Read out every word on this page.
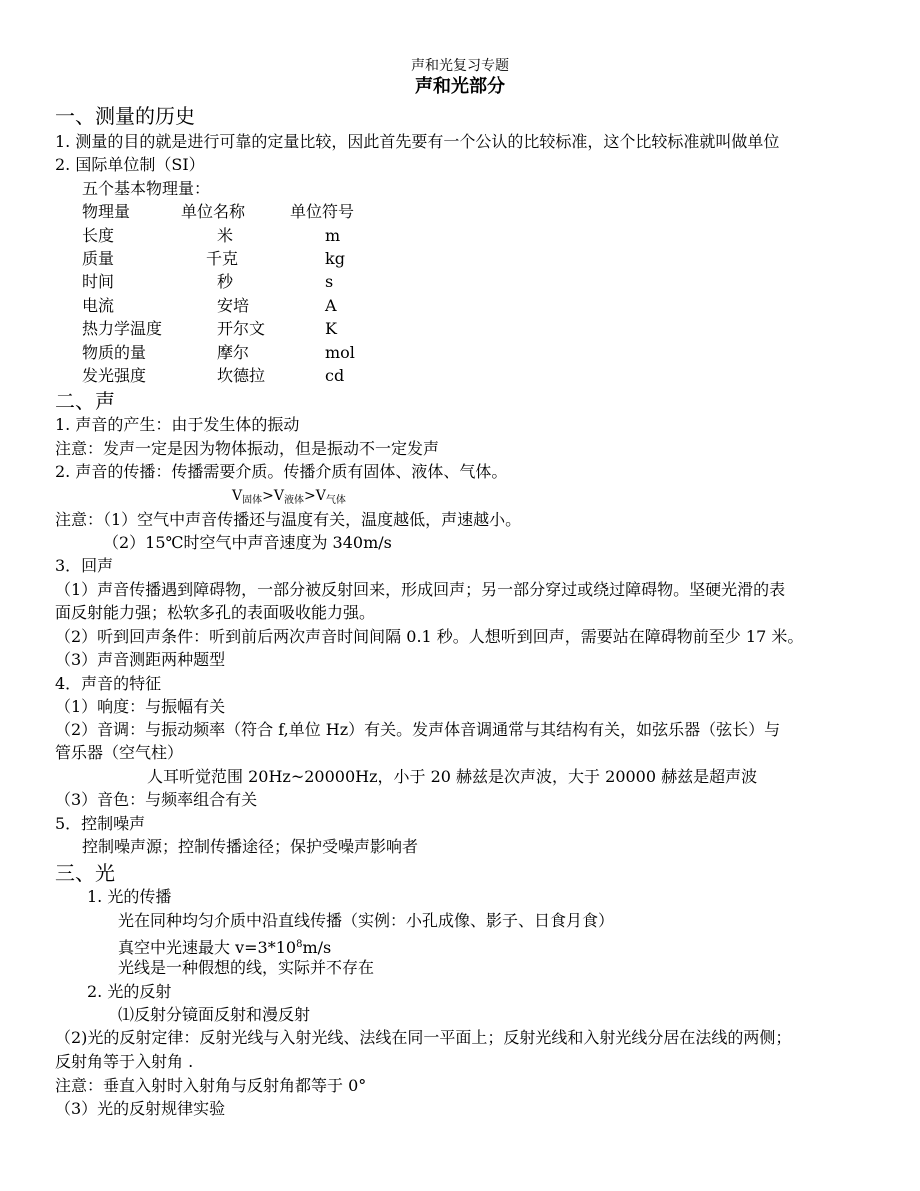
声和光复习专题
声和光部分
一、测量的历史
1. 测量的目的就是进行可靠的定量比较，因此首先要有一个公认的比较标准，这个比较标准就叫做单位
2. 国际单位制（SI）
五个基本物理量：
物理量	单位名称	单位符号
长度	米	m
质量	千克	kg
时间	秒	s
电流	安培	A
热力学温度	开尔文	K
物质的量	摩尔	mol
发光强度	坎德拉	cd
二、声
1. 声音的产生：由于发生体的振动
注意：发声一定是因为物体振动，但是振动不一定发声
2. 声音的传播：传播需要介质。传播介质有固体、液体、气体。
$V_{固体}>V_{液体}>V_{气体}$
注意：（1）空气中声音传播还与温度有关，温度越低，声速越小。
（2）15℃时空气中声音速度为 340m/s
3．回声
（1）声音传播遇到障碍物，一部分被反射回来，形成回声；另一部分穿过或绕过障碍物。坚硬光滑的表
面反射能力强；松软多孔的表面吸收能力强。
（2）听到回声条件：听到前后两次声音时间间隔 0.1 秒。人想听到回声，需要站在障碍物前至少 17 米。
（3）声音测距两种题型
4．声音的特征
（1）响度：与振幅有关
（2）音调：与振动频率（符合 f,单位 Hz）有关。发声体音调通常与其结构有关，如弦乐器（弦长）与
管乐器（空气柱）
人耳听觉范围 20Hz~20000Hz，小于 20 赫兹是次声波，大于 20000 赫兹是超声波
（3）音色：与频率组合有关
5．控制噪声
控制噪声源；控制传播途径；保护受噪声影响者
三、光
1. 光的传播
光在同种均匀介质中沿直线传播（实例：小孔成像、影子、日食月食）
真空中光速最大 $v=3*10^8m/s$
光线是一种假想的线，实际并不存在
2. 光的反射
⑴反射分镜面反射和漫反射
（2)光的反射定律：反射光线与入射光线、法线在同一平面上；反射光线和入射光线分居在法线的两侧；
反射角等于入射角 .
注意：垂直入射时入射角与反射角都等于 0°
（3）光的反射规律实验
